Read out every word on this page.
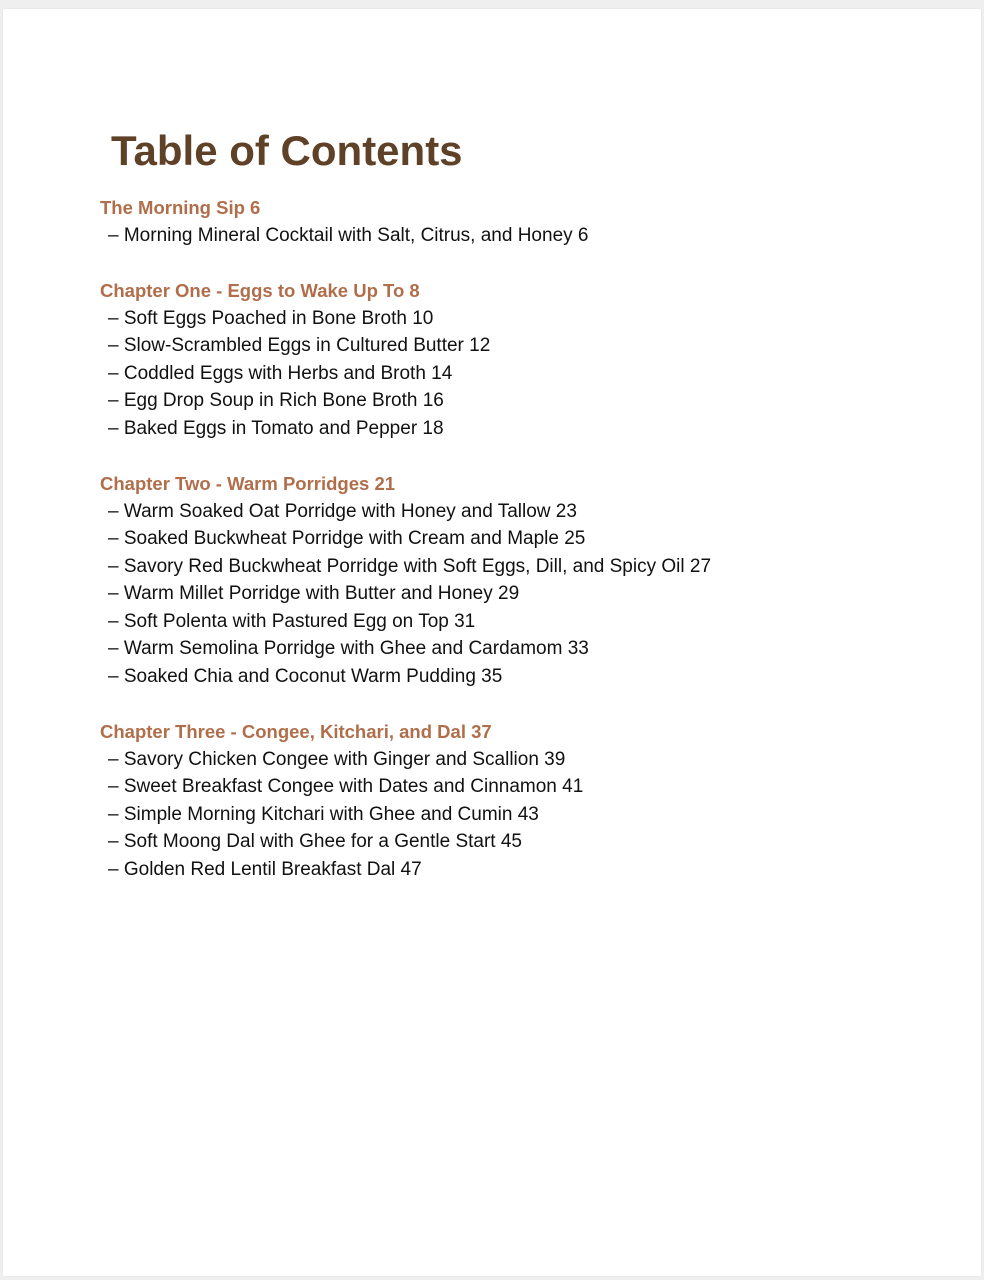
Table of Contents
The Morning Sip 6
– Morning Mineral Cocktail with Salt, Citrus, and Honey 6
Chapter One - Eggs to Wake Up To 8
– Soft Eggs Poached in Bone Broth 10
– Slow-Scrambled Eggs in Cultured Butter 12
– Coddled Eggs with Herbs and Broth 14
– Egg Drop Soup in Rich Bone Broth 16
– Baked Eggs in Tomato and Pepper 18
Chapter Two - Warm Porridges 21
– Warm Soaked Oat Porridge with Honey and Tallow 23
– Soaked Buckwheat Porridge with Cream and Maple 25
– Savory Red Buckwheat Porridge with Soft Eggs, Dill, and Spicy Oil 27
– Warm Millet Porridge with Butter and Honey 29
– Soft Polenta with Pastured Egg on Top 31
– Warm Semolina Porridge with Ghee and Cardamom 33
– Soaked Chia and Coconut Warm Pudding 35
Chapter Three - Congee, Kitchari, and Dal 37
– Savory Chicken Congee with Ginger and Scallion 39
– Sweet Breakfast Congee with Dates and Cinnamon 41
– Simple Morning Kitchari with Ghee and Cumin 43
– Soft Moong Dal with Ghee for a Gentle Start 45
– Golden Red Lentil Breakfast Dal 47
